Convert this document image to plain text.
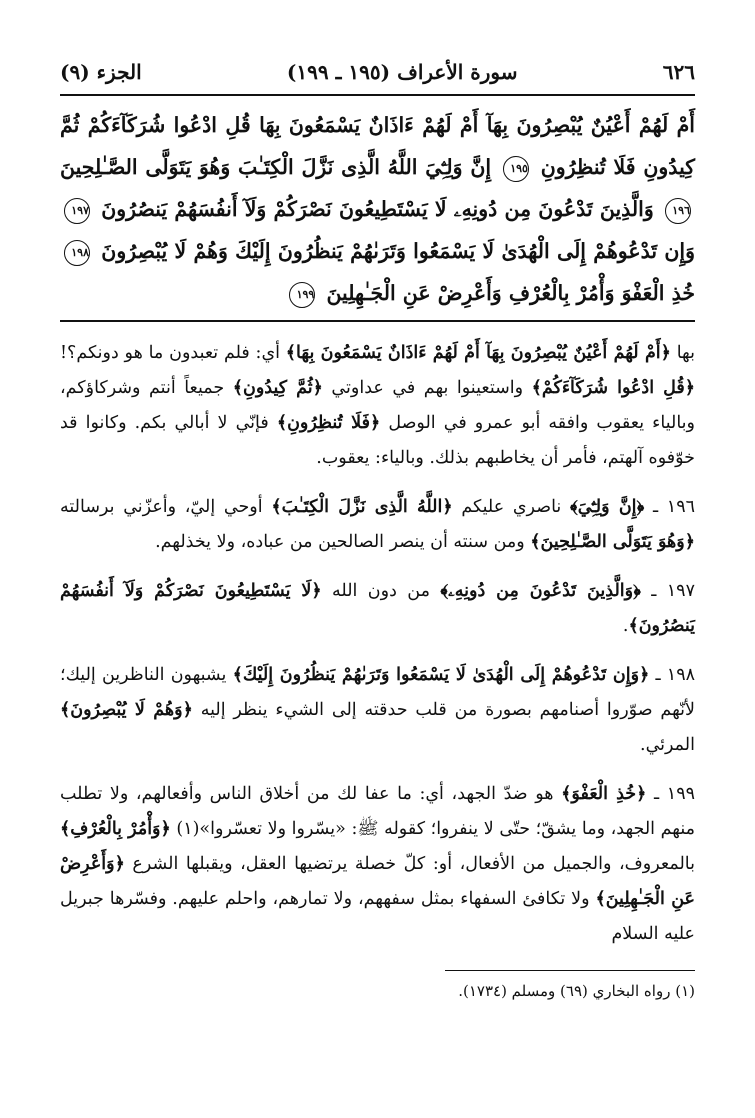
٦٢٦
سورة الأعراف (١٩٥ ـ ١٩٩)
الجزء (٩)
أَمْ لَهُمْ أَعْيُنٌ يُبْصِرُونَ بِهَآ أَمْ لَهُمْ ءَاذَانٌ يَسْمَعُونَ بِهَا قُلِ ادْعُوا شُرَكَآءَكُمْ ثُمَّ كِيدُونِ فَلَا تُنظِرُونِ ١٩٥ إِنَّ وَلِـِّۧيَ اللَّهُ الَّذِى نَزَّلَ الْكِتَـٰبَ وَهُوَ يَتَوَلَّى الصَّـٰلِحِينَ ١٩٦ وَالَّذِينَ تَدْعُونَ مِن دُونِهِۦ لَا يَسْتَطِيعُونَ نَصْرَكُمْ وَلَآ أَنفُسَهُمْ يَنصُرُونَ ١٩٧ وَإِن تَدْعُوهُمْ إِلَى الْهُدَىٰ لَا يَسْمَعُوا وَتَرَىٰهُمْ يَنظُرُونَ إِلَيْكَ وَهُمْ لَا يُبْصِرُونَ ١٩٨ خُذِ الْعَفْوَ وَأْمُرْ بِالْعُرْفِ وَأَعْرِضْ عَنِ الْجَـٰهِلِينَ ١٩٩

بها ﴿أَمْ لَهُمْ أَعْيُنٌ يُبْصِرُونَ بِهَآ أَمْ لَهُمْ ءَاذَانٌ يَسْمَعُونَ بِهَا﴾ أي: فلم تعبدون ما هو دونكم؟! ﴿قُلِ ادْعُوا شُرَكَآءَكُمْ﴾ واستعينوا بهم في عداوتي ﴿ثُمَّ كِيدُونِ﴾ جميعاً أنتم وشركاؤكم، وبالياء يعقوب وافقه أبو عمرو في الوصل ﴿فَلَا تُنظِرُونِ﴾ فإنّي لا أبالي بكم. وكانوا قد خوّفوه آلهتم، فأمر أن يخاطبهم بذلك. وبالياء: يعقوب.

١٩٦ ـ ﴿إِنَّ وَلِـِّۧيَ﴾ ناصري عليكم ﴿اللَّهُ الَّذِى نَزَّلَ الْكِتَـٰبَ﴾ أوحي إليّ، وأعزّني برسالته ﴿وَهُوَ يَتَوَلَّى الصَّـٰلِحِينَ﴾ ومن سنته أن ينصر الصالحين من عباده، ولا يخذلهم.

١٩٧ ـ ﴿وَالَّذِينَ تَدْعُونَ مِن دُونِهِۦ﴾ من دون الله ﴿لَا يَسْتَطِيعُونَ نَصْرَكُمْ وَلَآ أَنفُسَهُمْ يَنصُرُونَ﴾.

١٩٨ ـ ﴿وَإِن تَدْعُوهُمْ إِلَى الْهُدَىٰ لَا يَسْمَعُوا وَتَرَىٰهُمْ يَنظُرُونَ إِلَيْكَ﴾ يشبهون الناظرين إليك؛ لأنّهم صوّروا أصنامهم بصورة من قلب حدقته إلى الشيء ينظر إليه ﴿وَهُمْ لَا يُبْصِرُونَ﴾ المرئي.

١٩٩ ـ ﴿خُذِ الْعَفْوَ﴾ هو ضدّ الجهد، أي: ما عفا لك من أخلاق الناس وأفعالهم، ولا تطلب منهم الجهد، وما يشقّ؛ حتّى لا ينفروا؛ كقوله ﷺ: «يسّروا ولا تعسّروا»(١) ﴿وَأْمُرْ بِالْعُرْفِ﴾ بالمعروف، والجميل من الأفعال، أو: كلّ خصلة يرتضيها العقل، ويقبلها الشرع ﴿وَأَعْرِضْ عَنِ الْجَـٰهِلِينَ﴾ ولا تكافئ السفهاء بمثل سفههم، ولا تمارهم، واحلم عليهم. وفسّرها جبريل عليه السلام

(١) رواه البخاري (٦٩) ومسلم (١٧٣٤).
